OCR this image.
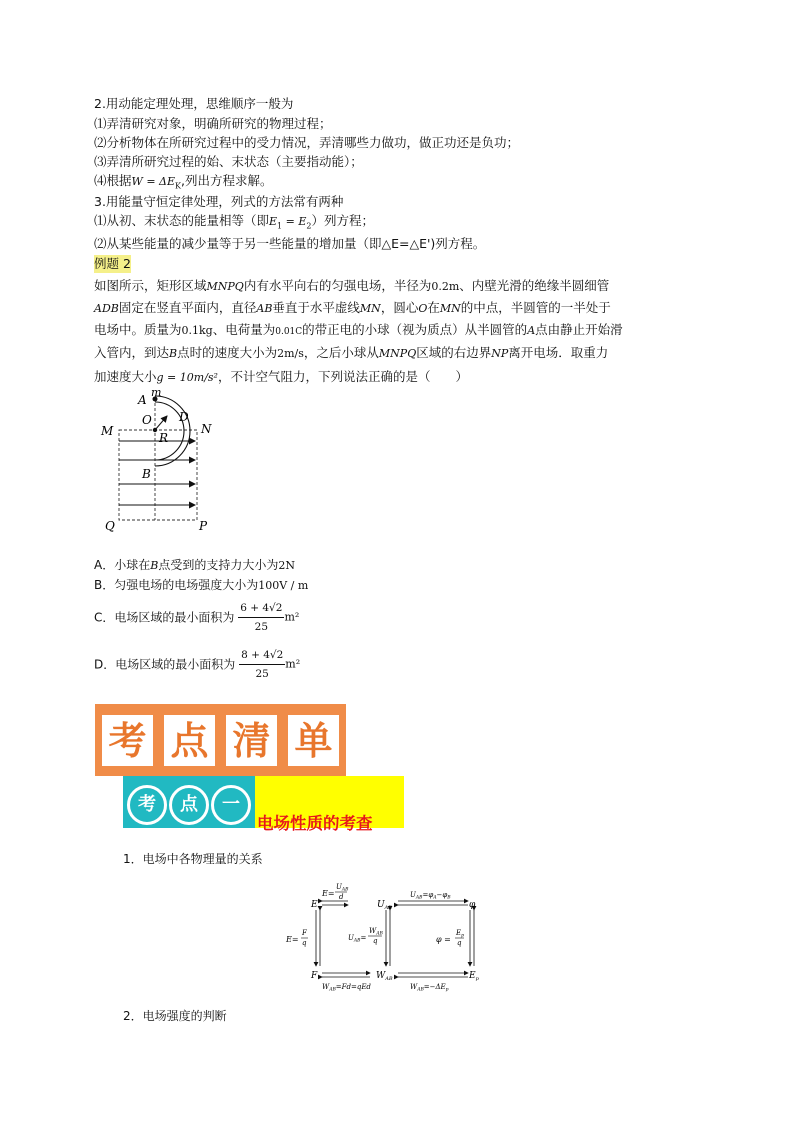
2.用动能定理处理，思维顺序一般为
⑴弄清研究对象，明确所研究的物理过程；
⑵分析物体在所研究过程中的受力情况，弄清哪些力做功，做正功还是负功；
⑶弄清所研究过程的始、末状态（主要指动能）；
⑷根据$W = \Delta E_K$,列出方程求解。
3.用能量守恒定律处理，列式的方法常有两种
⑴从初、末状态的能量相等（即$E_1 = E_2$）列方程；
⑵从某些能量的减少量等于另一些能量的增加量（即△E=△E')列方程。
例题 2
如图所示，矩形区域MNPQ内有水平向右的匀强电场，半径为0.2m、内壁光滑的绝缘半圆细管
ADB固定在竖直平面内，直径AB垂直于水平虚线MN，圆心O在MN的中点，半圆管的一半处于
电场中。质量为0.1kg、电荷量为0.01C的带正电的小球（视为质点）从半圆管的A点由静止开始滑
入管内，到达B点时的速度大小为2m/s，之后小球从MNPQ区域的右边界NP离开电场．取重力
加速度大小g = 10m/s²，不计空气阻力，下列说法正确的是（　　）
A
m
O D
M	N
R
B
Q	P
A．小球在B点受到的支持力大小为2N
B．匀强电场的电场强度大小为100V / m
C．电场区域的最小面积为 $\frac{6 + 4√2}{25} m^2$
D．电场区域的最小面积为 $\frac{8 + 4√2}{25} m^2$
考 点 清 单
考	点	一
电场性质的考查
1．电场中各物理量的关系
E	$U_{AB}$	φ
F	$W_{AB}$	$E_p$
E=
$U_{AB}$
d	$U_{AB}=\varphi_A-\varphi_B$
E=
F
q
$U_{AB}=$
$W_{AB}$
q	φ =
$E_p$
q
$W_{AB}=Fd=qEd$	$W_{AB}=-\Delta E_p$
2．电场强度的判断
